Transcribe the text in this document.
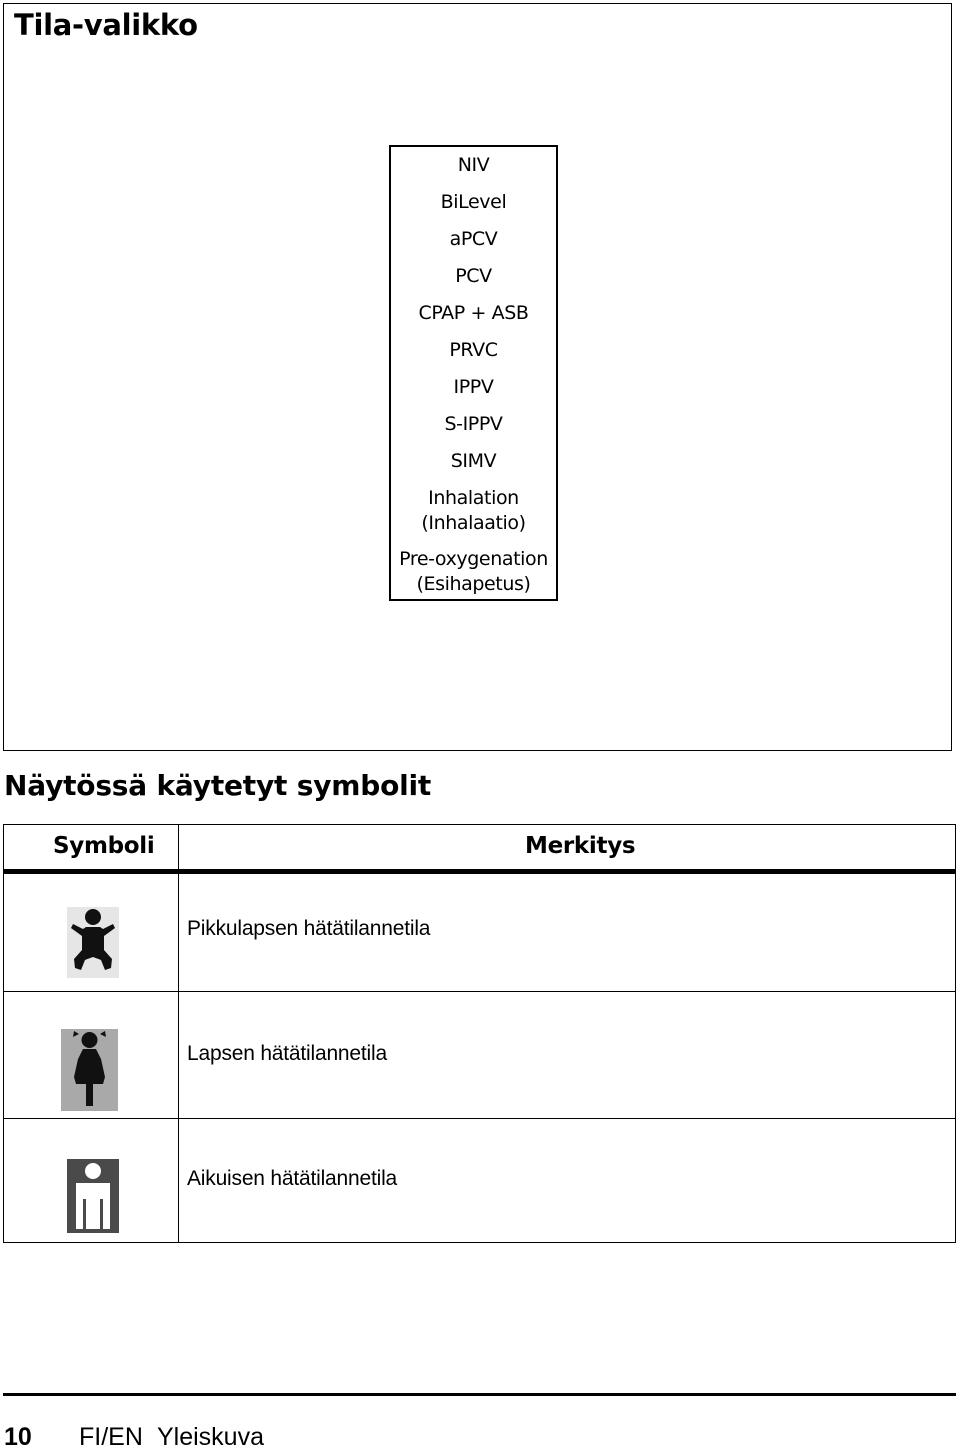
Tila-valikko
NIV
BiLevel
aPCV
PCV
CPAP + ASB
PRVC
IPPV
S-IPPV
SIMV
Inhalation
(Inhalaatio)
Pre-oxygenation
(Esihapetus)
Näytössä käytetyt symbolit
Symboli	Merkitys
Pikkulapsen hätätilannetila
Lapsen hätätilannetila
Aikuisen hätätilannetila
10 FI/EN Yleiskuva
